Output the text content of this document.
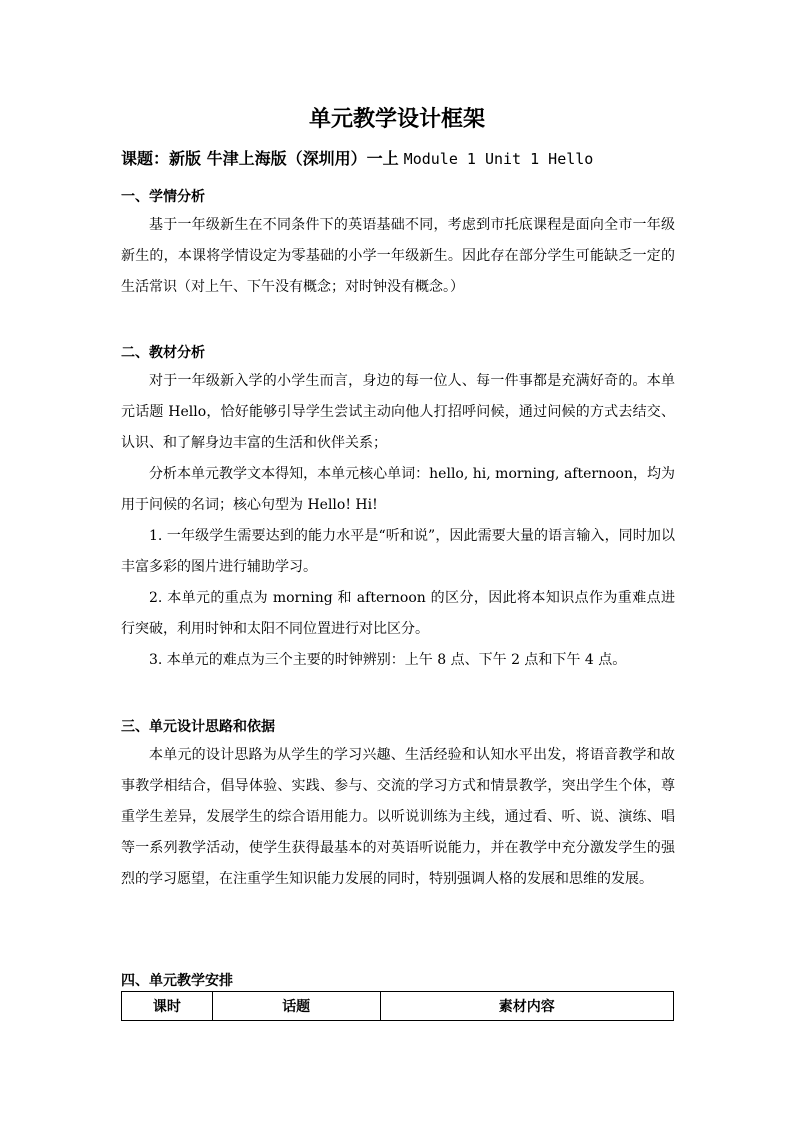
单元教学设计框架
课题：新版 牛津上海版（深圳用）一上 Module 1 Unit 1 Hello
一、学情分析

基于一年级新生在不同条件下的英语基础不同，考虑到市托底课程是面向全市一年级新生的，本课将学情设定为零基础的小学一年级新生。因此存在部分学生可能缺乏一定的生活常识（对上午、下午没有概念；对时钟没有概念。）

二、教材分析

对于一年级新入学的小学生而言，身边的每一位人、每一件事都是充满好奇的。本单元话题 Hello，恰好能够引导学生尝试主动向他人打招呼问候，通过问候的方式去结交、认识、和了解身边丰富的生活和伙伴关系；

分析本单元教学文本得知，本单元核心单词：hello, hi, morning, afternoon，均为用于问候的名词；核心句型为 Hello! Hi!

1. 一年级学生需要达到的能力水平是“听和说”，因此需要大量的语言输入，同时加以丰富多彩的图片进行辅助学习。

2. 本单元的重点为 morning 和 afternoon 的区分，因此将本知识点作为重难点进行突破，利用时钟和太阳不同位置进行对比区分。

3. 本单元的难点为三个主要的时钟辨别：上午 8 点、下午 2 点和下午 4 点。

三、单元设计思路和依据

本单元的设计思路为从学生的学习兴趣、生活经验和认知水平出发，将语音教学和故事教学相结合，倡导体验、实践、参与、交流的学习方式和情景教学，突出学生个体，尊重学生差异，发展学生的综合语用能力。以听说训练为主线，通过看、听、说、演练、唱等一系列教学活动，使学生获得最基本的对英语听说能力，并在教学中充分激发学生的强烈的学习愿望，在注重学生知识能力发展的同时，特别强调人格的发展和思维的发展。

四、单元教学安排
课时	话题	素材内容
